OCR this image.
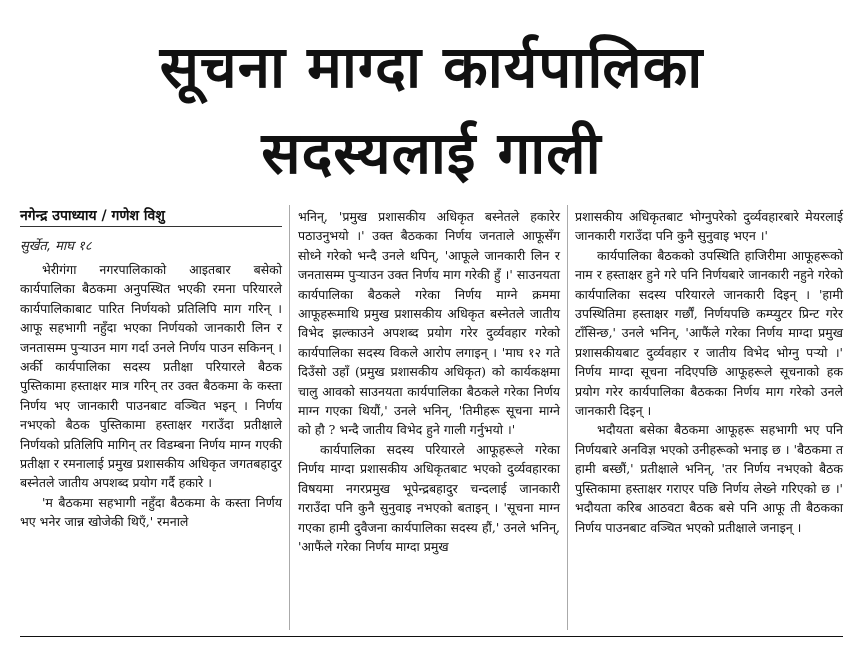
सूचना माग्दा कार्यपालिका
सदस्यलाई गाली
नगेन्द्र उपाध्याय / गणेश विशु
सुर्खेत, माघ १८

भेरीगंगा नगरपालिकाको आइतबार बसेको कार्यपालिका बैठकमा अनुपस्थित भएकी रमना परियारले कार्यपालिकाबाट पारित निर्णयको प्रतिलिपि माग गरिन् । आफू सहभागी नहुँदा भएका निर्णयको जानकारी लिन र जनतासम्म पुऱ्याउन माग गर्दा उनले निर्णय पाउन सकिनन् । अर्की कार्यपालिका सदस्य प्रतीक्षा परियारले बैठक पुस्तिकामा हस्ताक्षर मात्र गरिन् तर उक्त बैठकमा के कस्ता निर्णय भए जानकारी पाउनबाट वञ्चित भइन् । निर्णय नभएको बैठक पुस्तिकामा हस्ताक्षर गराउँदा प्रतीक्षाले निर्णयको प्रतिलिपि मागिन् तर विडम्बना निर्णय माग्न गएकी प्रतीक्षा र रमनालाई प्रमुख प्रशासकीय अधिकृत जगतबहादुर बस्नेतले जातीय अपशब्द प्रयोग गर्दै हकारे ।

'म बैठकमा सहभागी नहुँदा बैठकमा के कस्ता निर्णय भए भनेर जान्न खोजेकी थिएँ,' रमनाले

भनिन्, 'प्रमुख प्रशासकीय अधिकृत बस्नेतले हकारेर पठाउनुभयो ।' उक्त बैठकका निर्णय जनताले आफूसँग सोध्ने गरेको भन्दै उनले थपिन्, 'आफूले जानकारी लिन र जनतासम्म पुऱ्याउन उक्त निर्णय माग गरेकी हुँ ।' साउनयता कार्यपालिका बैठकले गरेका निर्णय माग्ने क्रममा आफूहरूमाथि प्रमुख प्रशासकीय अधिकृत बस्नेतले जातीय विभेद झल्काउने अपशब्द प्रयोग गरेर दुर्व्यवहार गरेको कार्यपालिका सदस्य विकले आरोप लगाइन् । 'माघ १२ गते दिउँसो उहाँ (प्रमुख प्रशासकीय अधिकृत) को कार्यकक्षमा चालु आवको साउनयता कार्यपालिका बैठकले गरेका निर्णय माग्न गएका थियौं,' उनले भनिन्, 'तिमीहरू सूचना माग्ने को हौ ? भन्दै जातीय विभेद हुने गाली गर्नुभयो ।'

कार्यपालिका सदस्य परियारले आफूहरूले गरेका निर्णय माग्दा प्रशासकीय अधिकृतबाट भएको दुर्व्यवहारका विषयमा नगरप्रमुख भूपेन्द्रबहादुर चन्दलाई जानकारी गराउँदा पनि कुनै सुनुवाइ नभएको बताइन् । 'सूचना माग्न गएका हामी दुवैजना कार्यपालिका सदस्य हौं,' उनले भनिन्, 'आफैंले गरेका निर्णय माग्दा प्रमुख

प्रशासकीय अधिकृतबाट भोग्नुपरेको दुर्व्यवहारबारे मेयरलाई जानकारी गराउँदा पनि कुनै सुनुवाइ भएन ।'

कार्यपालिका बैठकको उपस्थिति हाजिरीमा आफूहरूको नाम र हस्ताक्षर हुने गरे पनि निर्णयबारे जानकारी नहुने गरेको कार्यपालिका सदस्य परियारले जानकारी दिइन् । 'हामी उपस्थितिमा हस्ताक्षर गर्छौं, निर्णयपछि कम्प्युटर प्रिन्ट गरेर टाँसिन्छ,' उनले भनिन्, 'आफैंले गरेका निर्णय माग्दा प्रमुख प्रशासकीयबाट दुर्व्यवहार र जातीय विभेद भोग्नु पऱ्यो ।' निर्णय माग्दा सूचना नदिएपछि आफूहरूले सूचनाको हक प्रयोग गरेर कार्यपालिका बैठकका निर्णय माग गरेको उनले जानकारी दिइन् ।

भदौयता बसेका बैठकमा आफूहरू सहभागी भए पनि निर्णयबारे अनविज्ञ भएको उनीहरूको भनाइ छ । 'बैठकमा त हामी बस्छौं,' प्रतीक्षाले भनिन्, 'तर निर्णय नभएको बैठक पुस्तिकामा हस्ताक्षर गराएर पछि निर्णय लेख्ने गरिएको छ ।' भदौयता करिब आठवटा बैठक बसे पनि आफू ती बैठकका निर्णय पाउनबाट वञ्चित भएको प्रतीक्षाले जनाइन् ।
